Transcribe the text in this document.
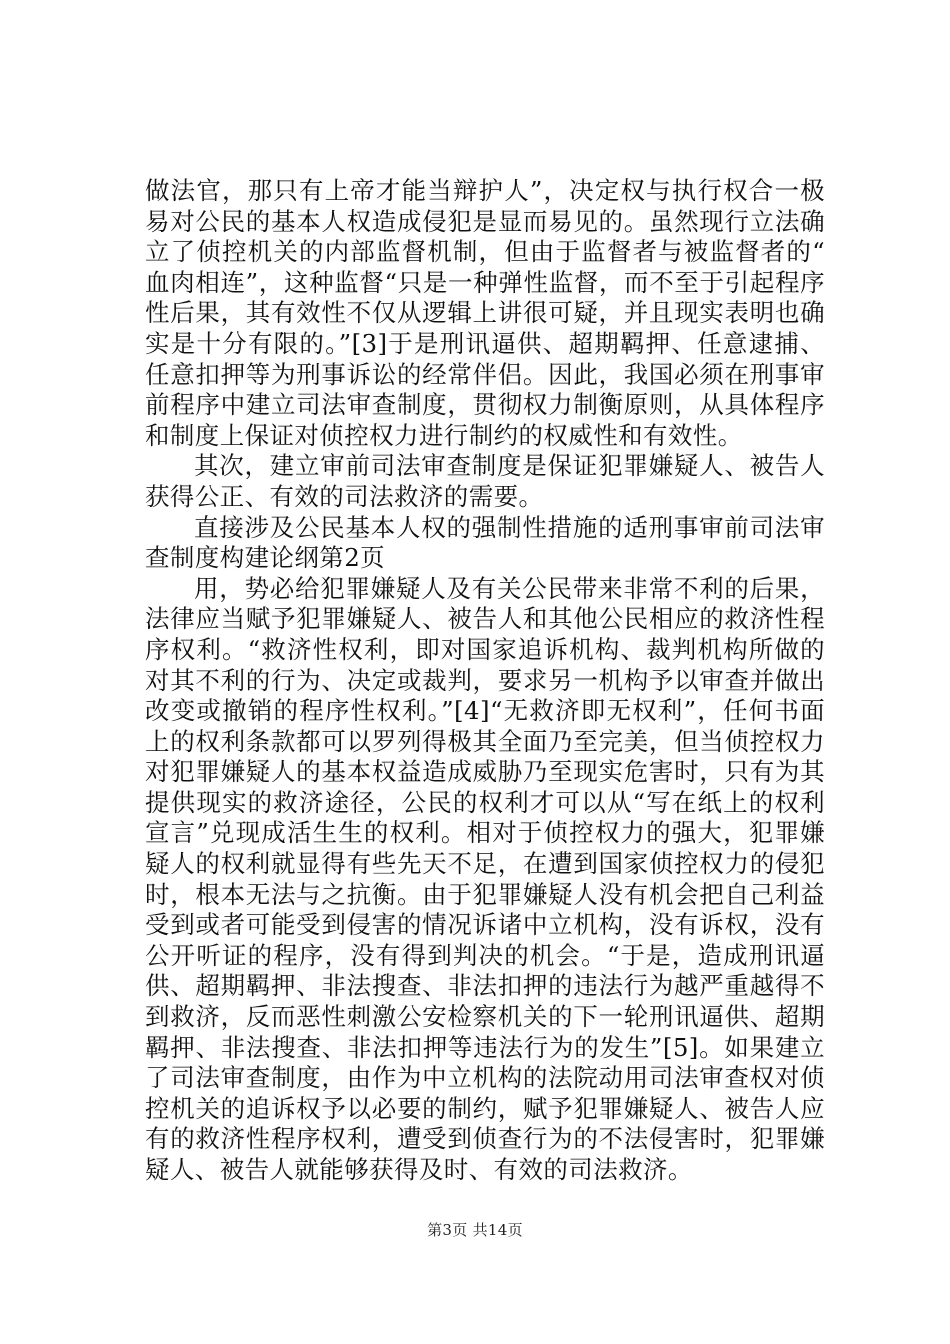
做法官，那只有上帝才能当辩护人”，决定权与执行权合一极易对公民的基本人权造成侵犯是显而易见的。虽然现行立法确立了侦控机关的内部监督机制，但由于监督者与被监督者的“血肉相连”，这种监督“只是一种弹性监督，而不至于引起程序性后果，其有效性不仅从逻辑上讲很可疑，并且现实表明也确实是十分有限的。”[3]于是刑讯逼供、超期羁押、任意逮捕、任意扣押等为刑事诉讼的经常伴侣。因此，我国必须在刑事审前程序中建立司法审查制度，贯彻权力制衡原则，从具体程序和制度上保证对侦控权力进行制约的权威性和有效性。

其次，建立审前司法审查制度是保证犯罪嫌疑人、被告人获得公正、有效的司法救济的需要。

直接涉及公民基本人权的强制性措施的适刑事审前司法审查制度构建论纲第2页

用，势必给犯罪嫌疑人及有关公民带来非常不利的后果，法律应当赋予犯罪嫌疑人、被告人和其他公民相应的救济性程序权利。“救济性权利，即对国家追诉机构、裁判机构所做的对其不利的行为、决定或裁判，要求另一机构予以审查并做出改变或撤销的程序性权利。”[4]“无救济即无权利”，任何书面上的权利条款都可以罗列得极其全面乃至完美，但当侦控权力对犯罪嫌疑人的基本权益造成威胁乃至现实危害时，只有为其提供现实的救济途径，公民的权利才可以从“写在纸上的权利宣言”兑现成活生生的权利。相对于侦控权力的强大，犯罪嫌疑人的权利就显得有些先天不足，在遭到国家侦控权力的侵犯时，根本无法与之抗衡。由于犯罪嫌疑人没有机会把自己利益受到或者可能受到侵害的情况诉诸中立机构，没有诉权，没有公开听证的程序，没有得到判决的机会。“于是，造成刑讯逼供、超期羁押、非法搜查、非法扣押的违法行为越严重越得不到救济，反而恶性刺激公安检察机关的下一轮刑讯逼供、超期羁押、非法搜查、非法扣押等违法行为的发生”[5]。如果建立了司法审查制度，由作为中立机构的法院动用司法审查权对侦控机关的追诉权予以必要的制约，赋予犯罪嫌疑人、被告人应有的救济性程序权利，遭受到侦查行为的不法侵害时，犯罪嫌疑人、被告人就能够获得及时、有效的司法救济。

第3页 共14页
